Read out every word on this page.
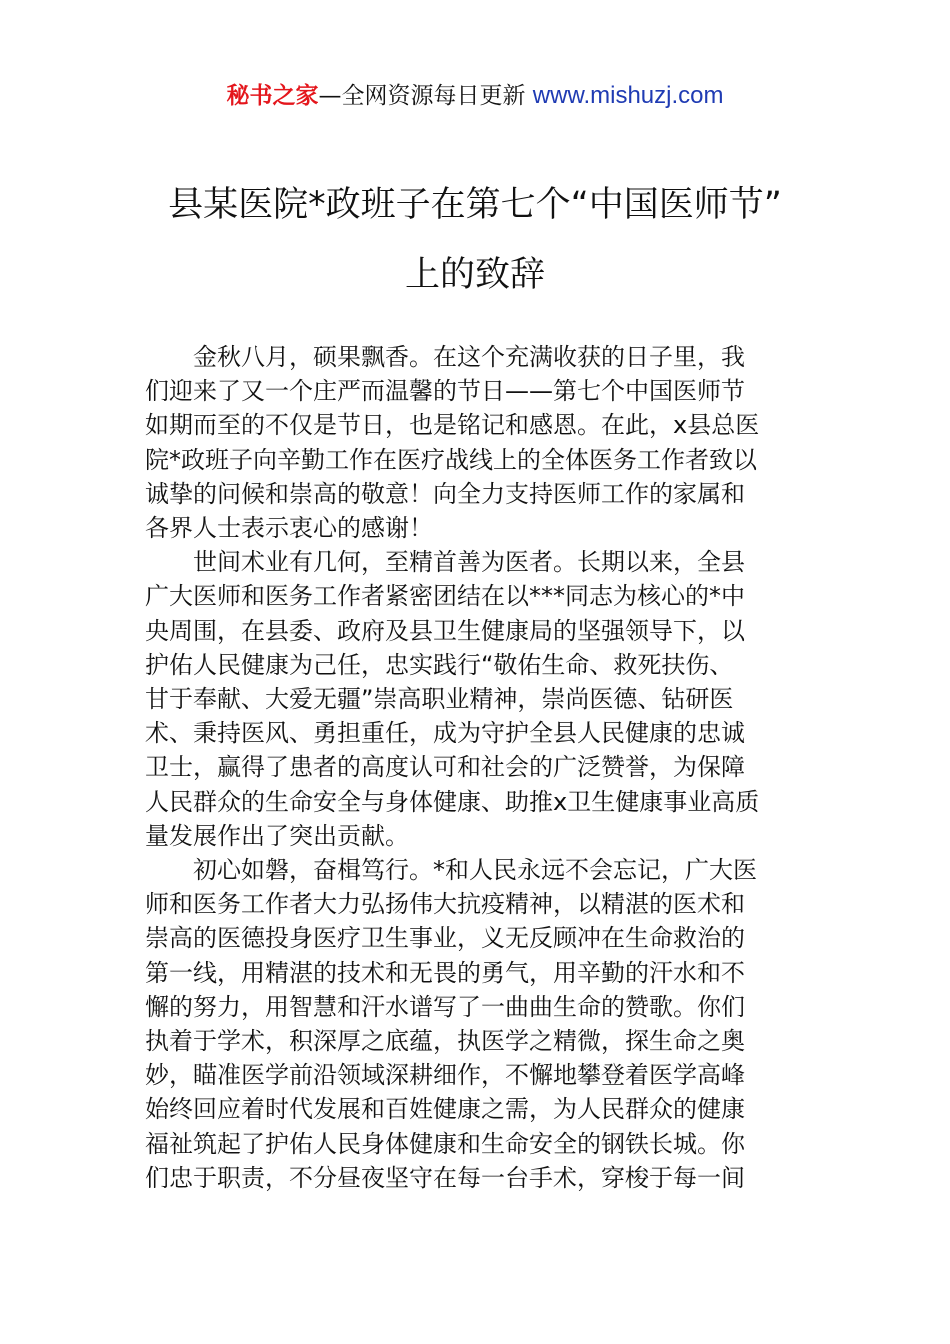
秘书之家—全网资源每日更新 www.mishuzj.com
县某医院*政班子在第七个“中国医师节”
上的致辞

金秋八月，硕果飘香。在这个充满收获的日子里，我
们迎来了又一个庄严而温馨的节日——第七个中国医师节
如期而至的不仅是节日，也是铭记和感恩。在此，x县总医
院*政班子向辛勤工作在医疗战线上的全体医务工作者致以
诚挚的问候和崇高的敬意！向全力支持医师工作的家属和
各界人士表示衷心的感谢！

世间术业有几何，至精首善为医者。长期以来，全县
广大医师和医务工作者紧密团结在以***同志为核心的*中
央周围，在县委、政府及县卫生健康局的坚强领导下，以
护佑人民健康为己任，忠实践行“敬佑生命、救死扶伤、
甘于奉献、大爱无疆”崇高职业精神，崇尚医德、钻研医
术、秉持医风、勇担重任，成为守护全县人民健康的忠诚
卫士，赢得了患者的高度认可和社会的广泛赞誉，为保障
人民群众的生命安全与身体健康、助推x卫生健康事业高质
量发展作出了突出贡献。

初心如磐，奋楫笃行。*和人民永远不会忘记，广大医
师和医务工作者大力弘扬伟大抗疫精神，以精湛的医术和
崇高的医德投身医疗卫生事业，义无反顾冲在生命救治的
第一线，用精湛的技术和无畏的勇气，用辛勤的汗水和不
懈的努力，用智慧和汗水谱写了一曲曲生命的赞歌。你们
执着于学术，积深厚之底蕴，执医学之精微，探生命之奥
妙，瞄准医学前沿领域深耕细作，不懈地攀登着医学高峰
始终回应着时代发展和百姓健康之需，为人民群众的健康
福祉筑起了护佑人民身体健康和生命安全的钢铁长城。你
们忠于职责，不分昼夜坚守在每一台手术，穿梭于每一间
